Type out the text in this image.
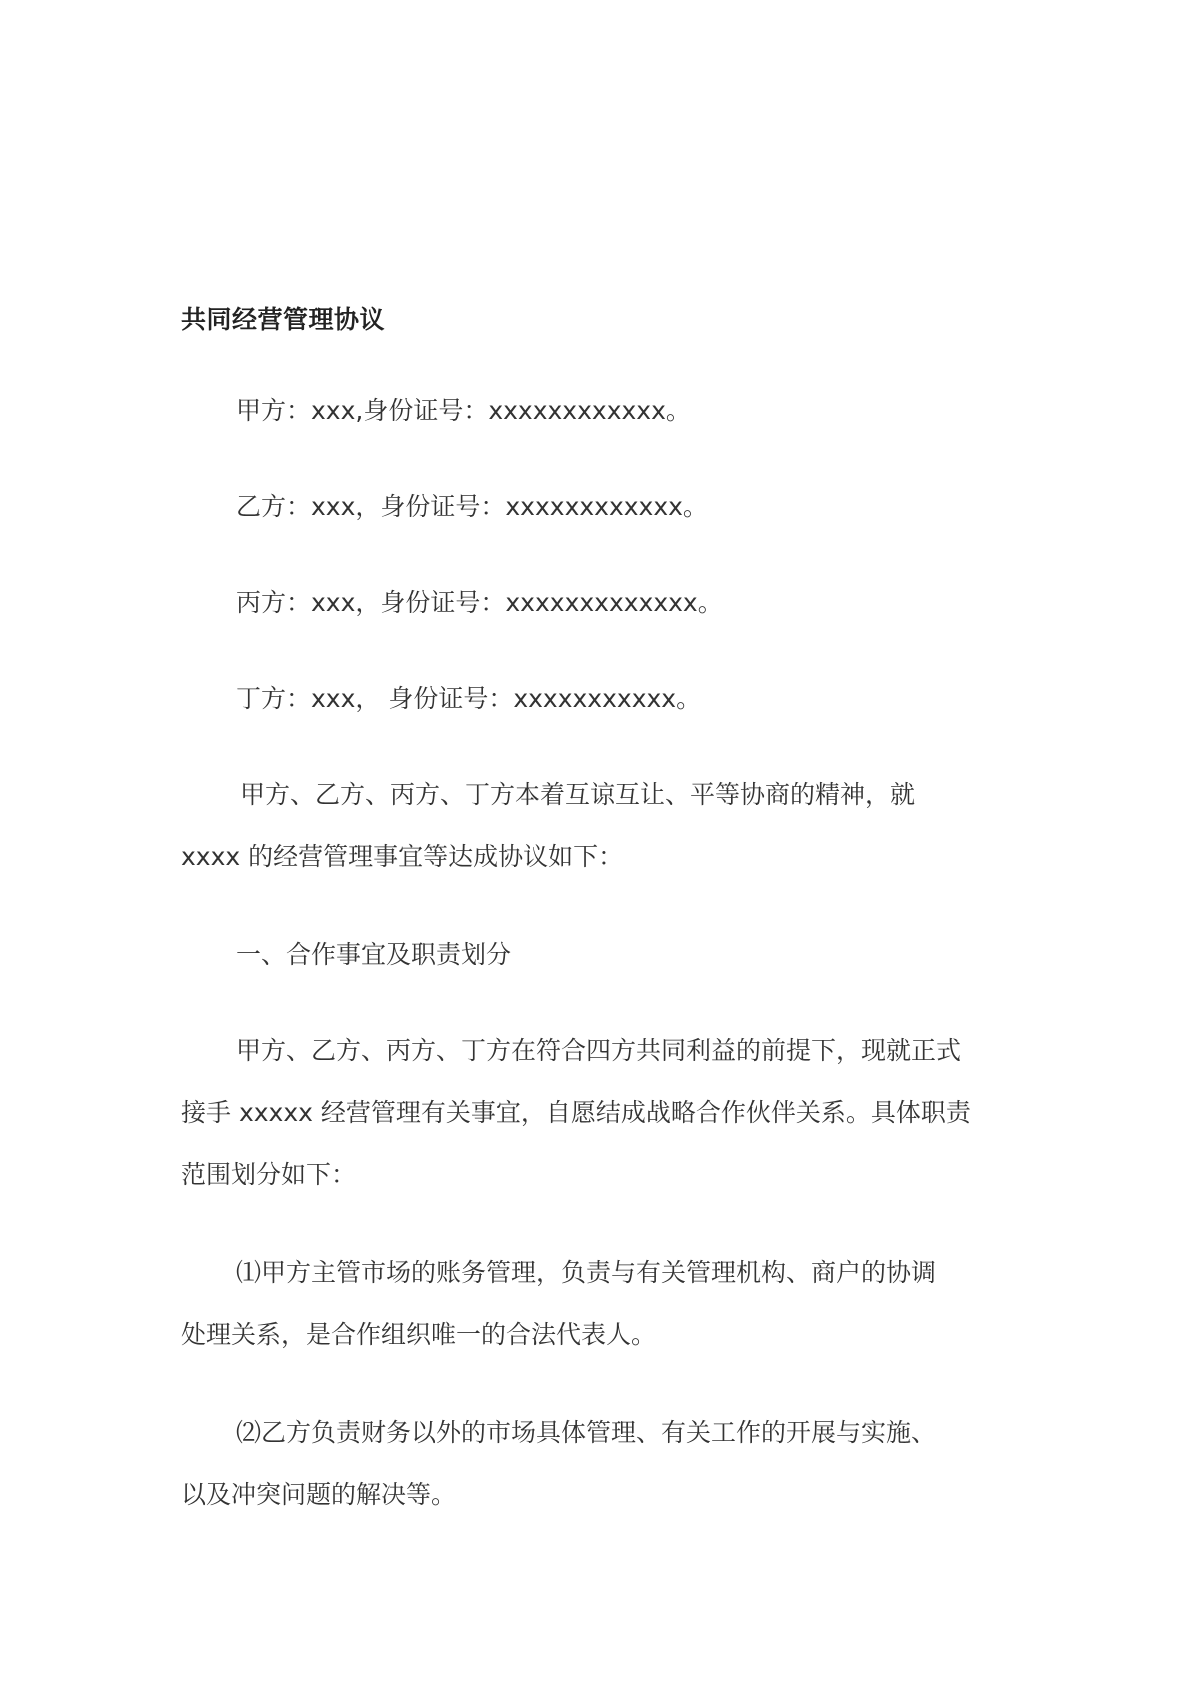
共同经营管理协议
甲方：xxx,身份证号：xxxxxxxxxxxx。
乙方：xxx，身份证号：xxxxxxxxxxxx。
丙方：xxx，身份证号：xxxxxxxxxxxxx。
丁方：xxx， 身份证号：xxxxxxxxxxx。
甲方、乙方、丙方、丁方本着互谅互让、平等协商的精神，就
xxxx 的经营管理事宜等达成协议如下：
一、合作事宜及职责划分
甲方、乙方、丙方、丁方在符合四方共同利益的前提下，现就正式
接手 xxxxx 经营管理有关事宜，自愿结成战略合作伙伴关系。具体职责
范围划分如下：
⑴甲方主管市场的账务管理，负责与有关管理机构、商户的协调
处理关系，是合作组织唯一的合法代表人。
⑵乙方负责财务以外的市场具体管理、有关工作的开展与实施、
以及冲突问题的解决等。
